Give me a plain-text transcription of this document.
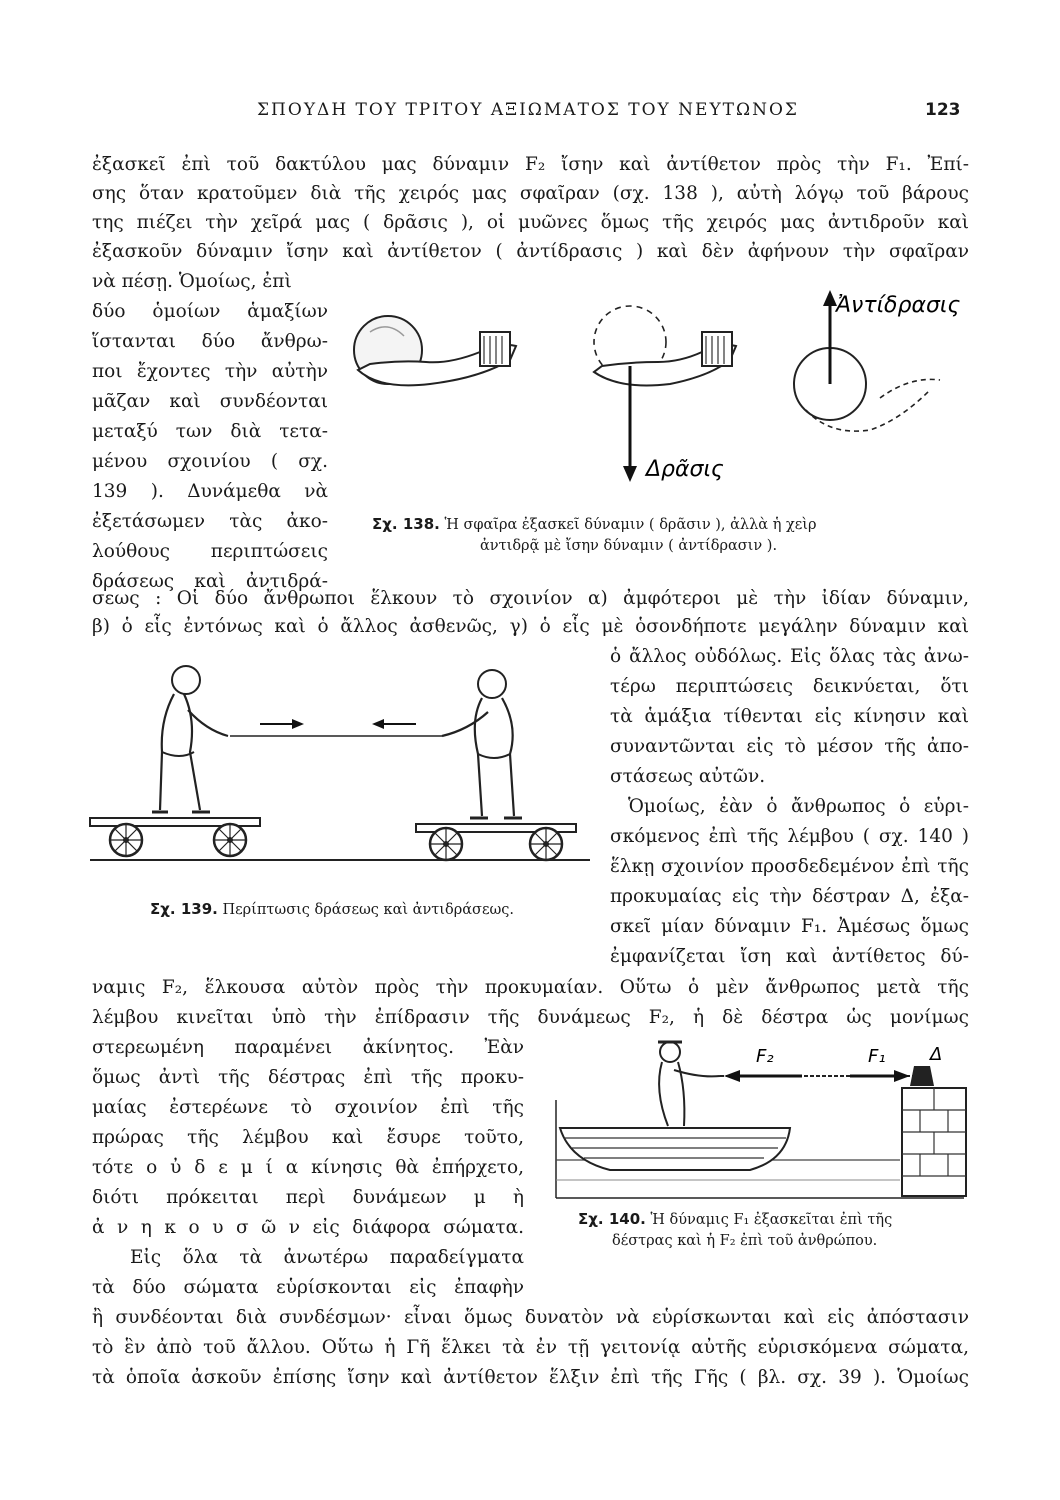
ΣΠΟΥΔΗ ΤΟΥ ΤΡΙΤΟΥ ΑΞΙΩΜΑΤΟΣ ΤΟΥ ΝΕΥΤΩΝΟΣ	123
ἐξασκεῖ ἐπὶ τοῦ δακτύλου μας δύναμιν F₂ ἴσην καὶ ἀντίθετον πρὸς τὴν F₁. Ἐπί-
σης ὅταν κρατοῦμεν διὰ τῆς χειρός μας σφαῖραν (σχ. 138 ), αὐτὴ λόγῳ τοῦ βάρους
της πιέζει τὴν χεῖρά μας ( δρᾶσις ), οἱ μυῶνες ὅμως τῆς χειρός μας ἀντιδροῦν καὶ
ἐξασκοῦν δύναμιν ἴσην καὶ ἀντίθετον ( ἀντίδρασις ) καὶ δὲν ἀφήνουν τὴν σφαῖραν
νὰ πέσῃ. Ὁμοίως, ἐπὶ
δύο ὁμοίων ἁμαξίων
ἵστανται δύο ἄνθρω-
ποι ἔχοντες τὴν αὐτὴν
μᾶζαν καὶ συνδέονται
μεταξύ των διὰ τετα-
μένου σχοινίου ( σχ.
139 ). Δυνάμεθα νὰ
ἐξετάσωμεν τὰς ἀκο-
λούθους περιπτώσεις
δράσεως καὶ ἀντιδρά-
Δρᾶσις
Ἀντίδρασις
Σχ. 138. Ἡ σφαῖρα ἐξασκεῖ δύναμιν ( δρᾶσιν ), ἀλλὰ ἡ χεὶρ
ἀντιδρᾷ μὲ ἴσην δύναμιν ( ἀντίδρασιν ).
σεως : Οἱ δύο ἄνθρωποι ἕλκουν τὸ σχοινίον α) ἀμφότεροι μὲ τὴν ἰδίαν δύναμιν,
β) ὁ εἷς ἐντόνως καὶ ὁ ἄλλος ἀσθενῶς, γ) ὁ εἷς μὲ ὁσονδήποτε μεγάλην δύναμιν καὶ
Σχ. 139. Περίπτωσις δράσεως καὶ ἀντιδράσεως.
ὁ ἄλλος οὐδόλως. Εἰς ὅλας τὰς ἀνω-
τέρω περιπτώσεις δεικνύεται, ὅτι
τὰ ἁμάξια τίθενται εἰς κίνησιν καὶ
συναντῶνται εἰς τὸ μέσον τῆς ἀπο-
στάσεως αὐτῶν.
Ὁμοίως, ἐὰν ὁ ἄνθρωπος ὁ εὑρι-
σκόμενος ἐπὶ τῆς λέμβου ( σχ. 140 )
ἕλκῃ σχοινίον προσδεδεμένον ἐπὶ τῆς
προκυμαίας εἰς τὴν δέστραν Δ, ἐξα-
σκεῖ μίαν δύναμιν F₁. Ἀμέσως ὅμως
ἐμφανίζεται ἴση καὶ ἀντίθετος δύ-
ναμις F₂, ἕλκουσα αὐτὸν πρὸς τὴν προκυμαίαν. Οὕτω ὁ μὲν ἄνθρωπος μετὰ τῆς
λέμβου κινεῖται ὑπὸ τὴν ἐπίδρασιν τῆς δυνάμεως F₂, ἡ δὲ δέστρα ὡς μονίμως
στερεωμένη παραμένει ἀκίνητος. Ἐὰν
ὅμως ἀντὶ τῆς δέστρας ἐπὶ τῆς προκυ-
μαίας ἐστερέωνε τὸ σχοινίον ἐπὶ τῆς
πρώρας τῆς λέμβου καὶ ἔσυρε τοῦτο,
τότε ο ὐ δ ε μ ί α κίνησις θὰ ἐπήρχετο,
διότι πρόκειται περὶ δυνάμεων μ ὴ
ἀ ν η κ ο υ σ ῶ ν εἰς διάφορα σώματα.
Εἰς ὅλα τὰ ἀνωτέρω παραδείγματα
τὰ δύο σώματα εὑρίσκονται εἰς ἐπαφὴν
F₂	F₁ Δ
Σχ. 140. Ἡ δύναμις F₁ ἐξασκεῖται ἐπὶ τῆς
δέστρας καὶ ἡ F₂ ἐπὶ τοῦ ἀνθρώπου.
ἢ συνδέονται διὰ συνδέσμων· εἶναι ὅμως δυνατὸν νὰ εὑρίσκωνται καὶ εἰς ἀπόστασιν
τὸ ἓν ἀπὸ τοῦ ἄλλου. Οὕτω ἡ Γῆ ἕλκει τὰ ἐν τῇ γειτονίᾳ αὐτῆς εὑρισκόμενα σώματα,
τὰ ὁποῖα ἀσκοῦν ἐπίσης ἴσην καὶ ἀντίθετον ἕλξιν ἐπὶ τῆς Γῆς ( βλ. σχ. 39 ). Ὁμοίως
